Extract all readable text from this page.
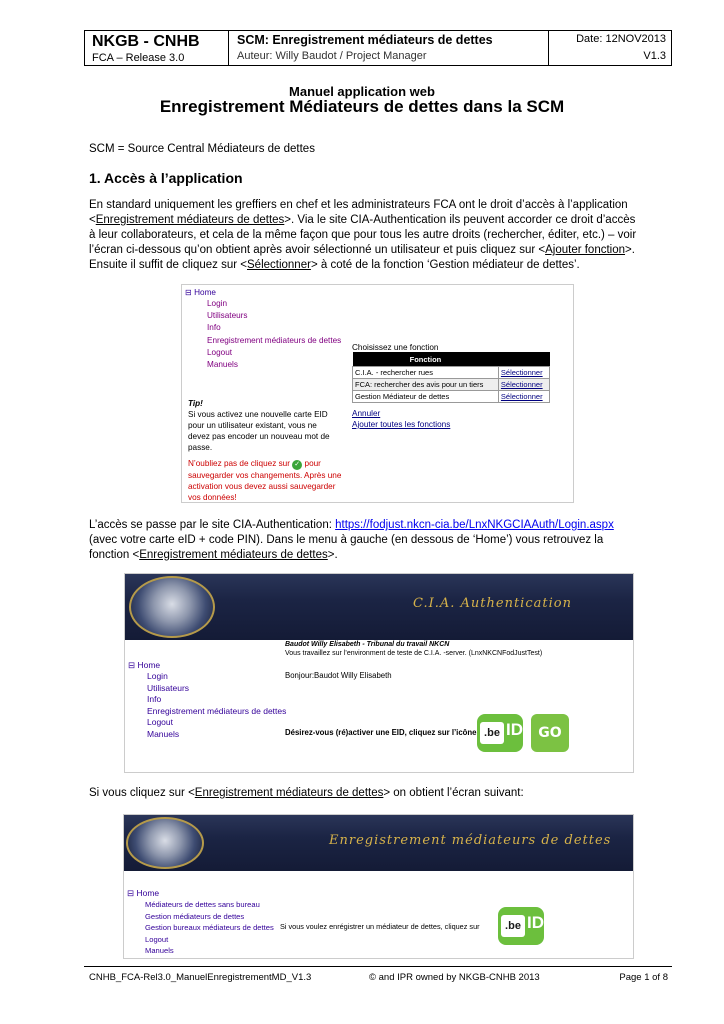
NKGB - CNHB
FCA – Release 3.0
SCM: Enregistrement médiateurs de dettes
Auteur: Willy Baudot / Project Manager
Date: 12NOV2013
V1.3
Manuel application web
Enregistrement Médiateurs de dettes dans la SCM
SCM = Source Central Médiateurs de dettes
1. Accès à l’application
En standard uniquement les greffiers en chef et les administrateurs FCA ont le droit d’accès à l’application
<Enregistrement médiateurs de dettes>. Via le site CIA-Authentication ils peuvent accorder ce droit d’accès
à leur collaborateurs, et cela de la même façon que pour tous les autre droits (rechercher, éditer, etc.) – voir
l’écran ci-dessous qu’on obtient après avoir sélectionné un utilisateur et puis cliquez sur <Ajouter fonction>.
Ensuite il suffit de cliquez sur <Sélectionner> à coté de la fonction ‘Gestion médiateur de dettes’.
⊟ Home
Login
Utilisateurs
Info
Enregistrement médiateurs de dettes
Logout
Manuels
Choisissez une fonction
Fonction	
C.I.A. - rechercher rues	Sélectionner
FCA: rechercher des avis pour un tiers	Sélectionner
Gestion Médiateur de dettes	Sélectionner
Annuler
Ajouter toutes les fonctions
Tip!
Si vous activez une nouvelle carte EID
pour un utilisateur existant, vous ne
devez pas encoder un nouveau mot de
passe.
N’oubliez pas de cliquez sur ✓ pour
sauvegarder vos changements. Après une
activation vous devez aussi sauvegarder
vos données!
L’accès se passe par le site CIA-Authentication: https://fodjust.nkcn-cia.be/LnxNKGCIAAuth/Login.aspx
(avec votre carte eID + code PIN). Dans le menu à gauche (en dessous de ‘Home’) vous retrouvez la
fonction <Enregistrement médiateurs de dettes>.
C.I.A. Authentication
Baudot Willy Elisabeth - Tribunal du travail NKCN
Vous travaillez sur l’environment de teste de C.I.A. -server. (LnxNKCNFodJustTest)
⊟ Home
Login
Utilisateurs
Info
Enregistrement médiateurs de dettes
Logout
Manuels
Bonjour:Baudot Willy Elisabeth
Désirez-vous (ré)activer une EID, cliquez sur l’icône .be ID	GO
Si vous cliquez sur <Enregistrement médiateurs de dettes> on obtient l’écran suivant:
Enregistrement médiateurs de dettes
⊟ Home
Médiateurs de dettes sans bureau
Gestion médiateurs de dettes
Gestion bureaux médiateurs de dettes
Logout
Manuels
Si vous voulez enrégistrer un médiateur de dettes, cliquez sur	.be ID
CNHB_FCA-Rel3.0_ManuelEnregistrementMD_V1.3	© and IPR owned by NKGB-CNHB 2013	Page 1 of 8
